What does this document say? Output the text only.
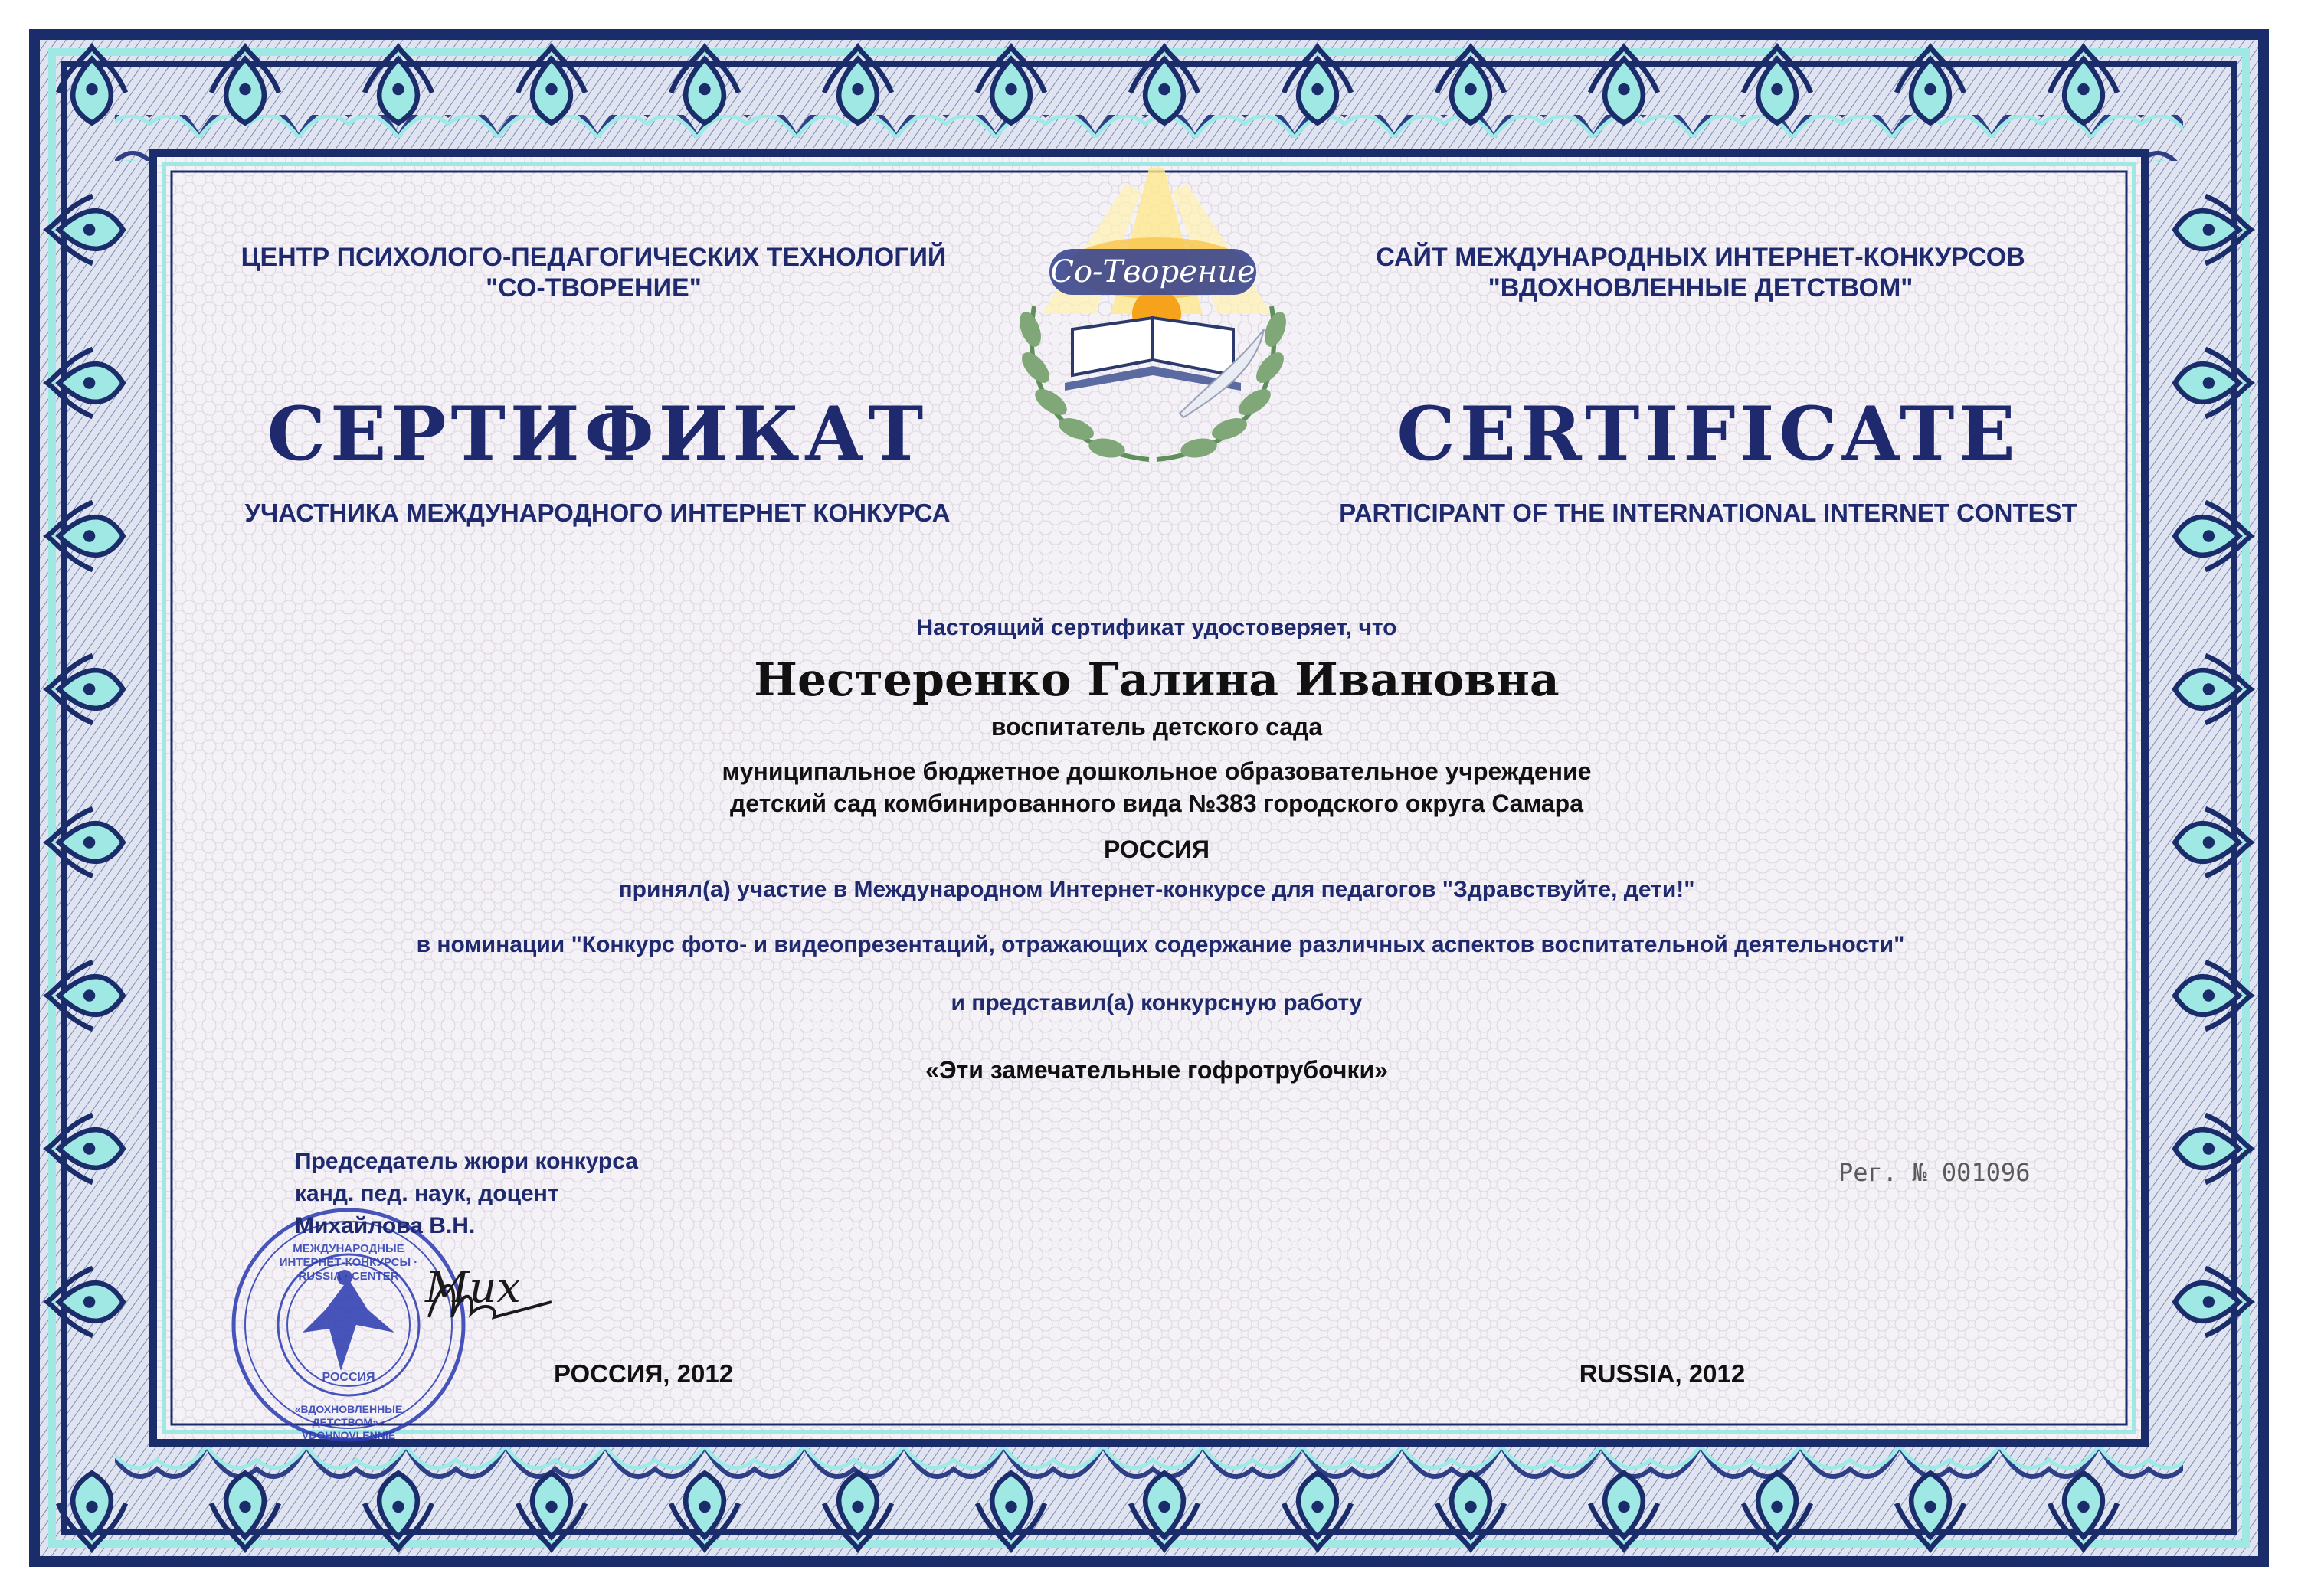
ЦЕНТР ПСИХОЛОГО-ПЕДАГОГИЧЕСКИХ ТЕХНОЛОГИЙ

"СО-ТВОРЕНИЕ"

САЙТ МЕЖДУНАРОДНЫХ ИНТЕРНЕТ-КОНКУРСОВ

"ВДОХНОВЛЕННЫЕ ДЕТСТВОМ"

Со-Творение

СЕРТИФИКАТ	CERTIFICATE

УЧАСТНИКА МЕЖДУНАРОДНОГО ИНТЕРНЕТ КОНКУРСА	PARTICIPANT OF THE INTERNATIONAL INTERNET CONTEST

Настоящий сертификат удостоверяет, что

Нестеренко Галина Ивановна

воспитатель детского сада

муниципальное бюджетное дошкольное образовательное учреждение

детский сад комбинированного вида №383 городского округа Самара

РОССИЯ

принял(а) участие в Международном Интернет-конкурсе для педагогов "Здравствуйте, дети!"

в номинации "Конкурс фото- и видеопрезентаций, отражающих содержание различных аспектов воспитательной деятельности"

и представил(а) конкурсную работу

«Эти замечательные гофротрубочки»

Председатель жюри конкурса

канд. пед. наук, доцент

Михайлова В.Н.

Мих

МЕЖДУНАРОДНЫЕ ИНТЕРНЕТ-КОНКУРСЫ · RUSSIA · CENTER

«ВДОХНОВЛЕННЫЕ ДЕТСТВОМ» · VDOHNOVLENNIE

РОССИЯ

Рег. № 001096

РОССИЯ, 2012	RUSSIA, 2012
